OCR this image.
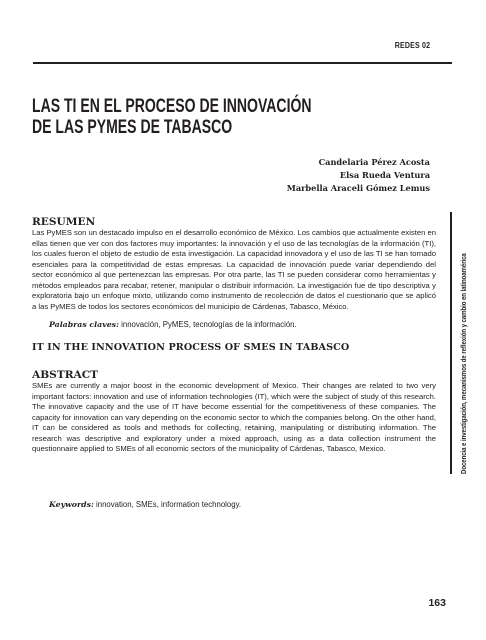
REDES 02
LAS TI EN EL PROCESO DE INNOVACIÓN
DE LAS PYMES DE TABASCO
Candelaria Pérez Acosta
Elsa Rueda Ventura
Marbella Araceli Gómez Lemus
RESUMEN

Las PyMES son un destacado impulso en el desarrollo económico de México. Los cambios que actualmente existen en ellas tienen que ver con dos factores muy importantes: la innovación y el uso de las tecnologías de la información (TI), los cuales fueron el objeto de estudio de esta investigación. La capacidad innovadora y el uso de las TI se han tornado esenciales para la competitividad de estas empresas. La capacidad de innovación puede variar dependiendo del sector económico al que pertenezcan las empresas. Por otra parte, las TI se pueden considerar como herramientas y métodos empleados para recabar, retener, manipular o distribuir información. La investigación fue de tipo descriptiva y exploratoria bajo un enfoque mixto, utilizando como instrumento de recolección de datos el cuestionario que se aplicó a las PyMES de todos los sectores económicos del municipio de Cárdenas, Tabasco, México.

Palabras claves: innovación, PyMES, tecnologías de la información.
IT IN THE INNOVATION PROCESS OF SMES IN TABASCO
ABSTRACT

SMEs are currently a major boost in the economic development of Mexico. Their changes are related to two very important factors: innovation and use of information technologies (IT), which were the subject of study of this research. The innovative capacity and the use of IT have become essential for the competitiveness of these companies. The capacity for innovation can vary depending on the economic sector to which the companies belong. On the other hand, IT can be considered as tools and methods for collecting, retaining, manipulating or distributing information. The research was descriptive and exploratory under a mixed approach, using as a data collection instrument the questionnaire applied to SMEs of all economic sectors of the municipality of Cárdenas, Tabasco, Mexico.

Keywords: innovation, SMEs, information technology.
Docencia e investigación, mecanismos de reflexión y cambio en latinoamérica
163
